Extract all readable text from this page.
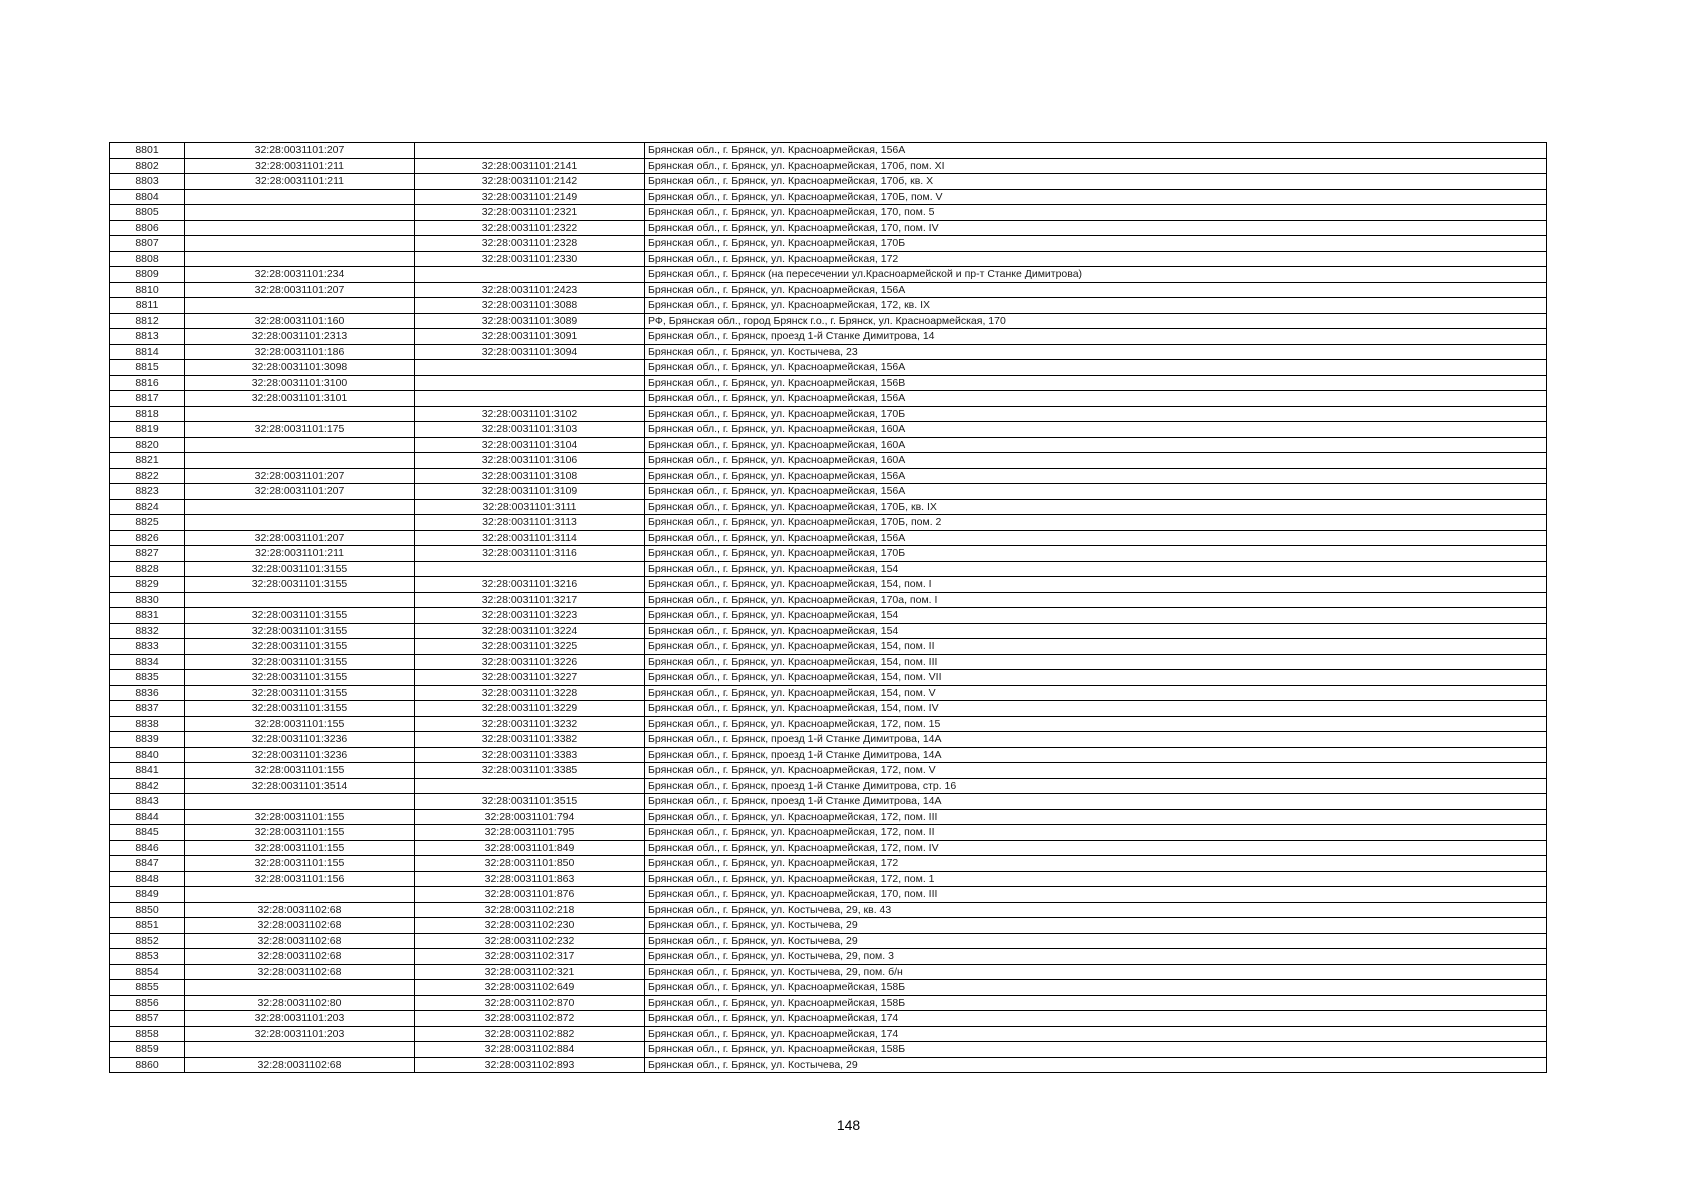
8801	32:28:0031101:207		Брянская обл., г. Брянск, ул. Красноармейская, 156А
8802	32:28:0031101:211	32:28:0031101:2141	Брянская обл., г. Брянск, ул. Красноармейская, 170б, пом. XI
8803	32:28:0031101:211	32:28:0031101:2142	Брянская обл., г. Брянск, ул. Красноармейская, 170б, кв. X
8804		32:28:0031101:2149	Брянская обл., г. Брянск, ул. Красноармейская, 170Б, пом. V
8805		32:28:0031101:2321	Брянская обл., г. Брянск, ул. Красноармейская, 170, пом. 5
8806		32:28:0031101:2322	Брянская обл., г. Брянск, ул. Красноармейская, 170, пом. IV
8807		32:28:0031101:2328	Брянская обл., г. Брянск, ул. Красноармейская, 170Б
8808		32:28:0031101:2330	Брянская обл., г. Брянск, ул. Красноармейская, 172
8809	32:28:0031101:234		Брянская обл., г. Брянск (на пересечении ул.Красноармейской и пр-т Станке Димитрова)
8810	32:28:0031101:207	32:28:0031101:2423	Брянская обл., г. Брянск, ул. Красноармейская, 156А
8811		32:28:0031101:3088	Брянская обл., г. Брянск, ул. Красноармейская, 172, кв. IX
8812	32:28:0031101:160	32:28:0031101:3089	РФ, Брянская обл., город Брянск г.о., г. Брянск, ул. Красноармейская, 170
8813	32:28:0031101:2313	32:28:0031101:3091	Брянская обл., г. Брянск, проезд 1-й Станке Димитрова, 14
8814	32:28:0031101:186	32:28:0031101:3094	Брянская обл., г. Брянск, ул. Костычева, 23
8815	32:28:0031101:3098		Брянская обл., г. Брянск, ул. Красноармейская, 156А
8816	32:28:0031101:3100		Брянская обл., г. Брянск, ул. Красноармейская, 156В
8817	32:28:0031101:3101		Брянская обл., г. Брянск, ул. Красноармейская, 156А
8818		32:28:0031101:3102	Брянская обл., г. Брянск, ул. Красноармейская, 170Б
8819	32:28:0031101:175	32:28:0031101:3103	Брянская обл., г. Брянск, ул. Красноармейская, 160А
8820		32:28:0031101:3104	Брянская обл., г. Брянск, ул. Красноармейская, 160А
8821		32:28:0031101:3106	Брянская обл., г. Брянск, ул. Красноармейская, 160А
8822	32:28:0031101:207	32:28:0031101:3108	Брянская обл., г. Брянск, ул. Красноармейская, 156А
8823	32:28:0031101:207	32:28:0031101:3109	Брянская обл., г. Брянск, ул. Красноармейская, 156А
8824		32:28:0031101:3111	Брянская обл., г. Брянск, ул. Красноармейская, 170Б, кв. IX
8825		32:28:0031101:3113	Брянская обл., г. Брянск, ул. Красноармейская, 170Б, пом. 2
8826	32:28:0031101:207	32:28:0031101:3114	Брянская обл., г. Брянск, ул. Красноармейская, 156А
8827	32:28:0031101:211	32:28:0031101:3116	Брянская обл., г. Брянск, ул. Красноармейская, 170Б
8828	32:28:0031101:3155		Брянская обл., г. Брянск, ул. Красноармейская, 154
8829	32:28:0031101:3155	32:28:0031101:3216	Брянская обл., г. Брянск, ул. Красноармейская, 154, пом. I
8830		32:28:0031101:3217	Брянская обл., г. Брянск, ул. Красноармейская, 170а, пом. I
8831	32:28:0031101:3155	32:28:0031101:3223	Брянская обл., г. Брянск, ул. Красноармейская, 154
8832	32:28:0031101:3155	32:28:0031101:3224	Брянская обл., г. Брянск, ул. Красноармейская, 154
8833	32:28:0031101:3155	32:28:0031101:3225	Брянская обл., г. Брянск, ул. Красноармейская, 154, пом. II
8834	32:28:0031101:3155	32:28:0031101:3226	Брянская обл., г. Брянск, ул. Красноармейская, 154, пом. III
8835	32:28:0031101:3155	32:28:0031101:3227	Брянская обл., г. Брянск, ул. Красноармейская, 154, пом. VII
8836	32:28:0031101:3155	32:28:0031101:3228	Брянская обл., г. Брянск, ул. Красноармейская, 154, пом. V
8837	32:28:0031101:3155	32:28:0031101:3229	Брянская обл., г. Брянск, ул. Красноармейская, 154, пом. IV
8838	32:28:0031101:155	32:28:0031101:3232	Брянская обл., г. Брянск, ул. Красноармейская, 172, пом. 15
8839	32:28:0031101:3236	32:28:0031101:3382	Брянская обл., г. Брянск, проезд 1-й Станке Димитрова, 14А
8840	32:28:0031101:3236	32:28:0031101:3383	Брянская обл., г. Брянск, проезд 1-й Станке Димитрова, 14А
8841	32:28:0031101:155	32:28:0031101:3385	Брянская обл., г. Брянск, ул. Красноармейская, 172, пом. V
8842	32:28:0031101:3514		Брянская обл., г. Брянск, проезд 1-й Станке Димитрова, стр. 16
8843		32:28:0031101:3515	Брянская обл., г. Брянск, проезд 1-й Станке Димитрова, 14А
8844	32:28:0031101:155	32:28:0031101:794	Брянская обл., г. Брянск, ул. Красноармейская, 172, пом. III
8845	32:28:0031101:155	32:28:0031101:795	Брянская обл., г. Брянск, ул. Красноармейская, 172, пом. II
8846	32:28:0031101:155	32:28:0031101:849	Брянская обл., г. Брянск, ул. Красноармейская, 172, пом. IV
8847	32:28:0031101:155	32:28:0031101:850	Брянская обл., г. Брянск, ул. Красноармейская, 172
8848	32:28:0031101:156	32:28:0031101:863	Брянская обл., г. Брянск, ул. Красноармейская, 172, пом. 1
8849		32:28:0031101:876	Брянская обл., г. Брянск, ул. Красноармейская, 170, пом. III
8850	32:28:0031102:68	32:28:0031102:218	Брянская обл., г. Брянск, ул. Костычева, 29, кв. 43
8851	32:28:0031102:68	32:28:0031102:230	Брянская обл., г. Брянск, ул. Костычева, 29
8852	32:28:0031102:68	32:28:0031102:232	Брянская обл., г. Брянск, ул. Костычева, 29
8853	32:28:0031102:68	32:28:0031102:317	Брянская обл., г. Брянск, ул. Костычева, 29, пом. 3
8854	32:28:0031102:68	32:28:0031102:321	Брянская обл., г. Брянск, ул. Костычева, 29, пом. б/н
8855		32:28:0031102:649	Брянская обл., г. Брянск, ул. Красноармейская, 158Б
8856	32:28:0031102:80	32:28:0031102:870	Брянская обл., г. Брянск, ул. Красноармейская, 158Б
8857	32:28:0031101:203	32:28:0031102:872	Брянская обл., г. Брянск, ул. Красноармейская, 174
8858	32:28:0031101:203	32:28:0031102:882	Брянская обл., г. Брянск, ул. Красноармейская, 174
8859		32:28:0031102:884	Брянская обл., г. Брянск, ул. Красноармейская, 158Б
8860	32:28:0031102:68	32:28:0031102:893	Брянская обл., г. Брянск, ул. Костычева, 29
148
